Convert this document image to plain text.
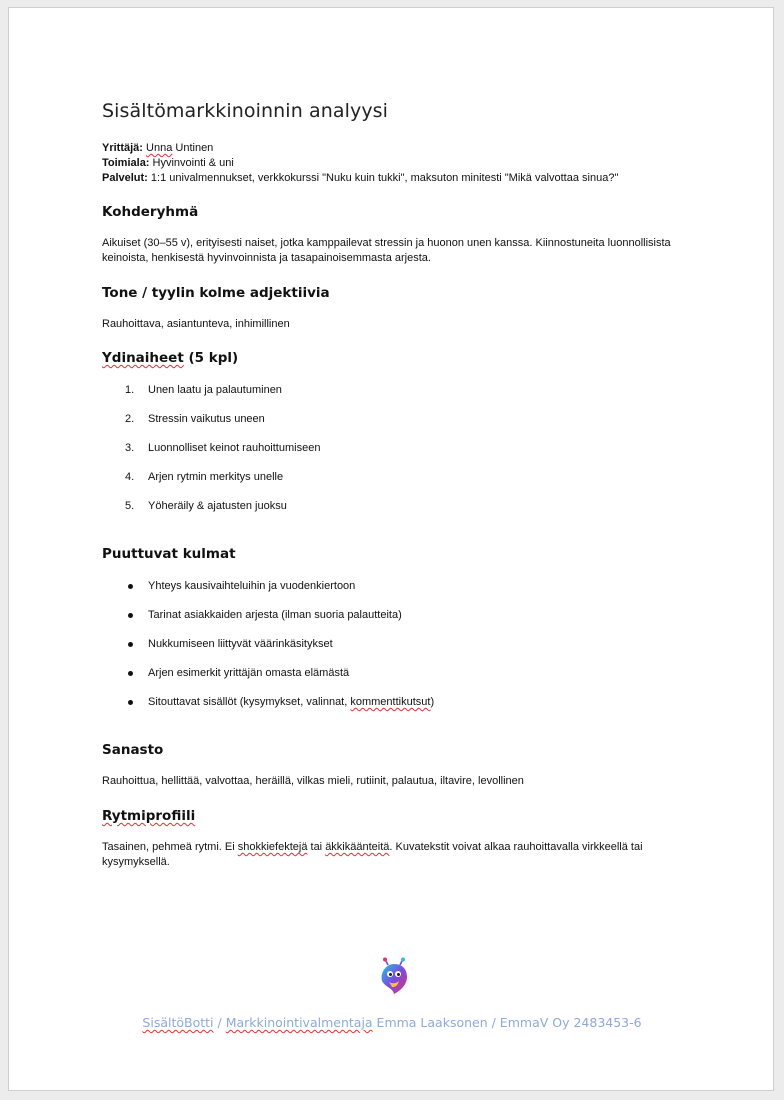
Sisältömarkkinoinnin analyysi
Yrittäjä: Unna Untinen
Toimiala: Hyvinvointi & uni
Palvelut: 1:1 univalmennukset, verkkokurssi "Nuku kuin tukki", maksuton minitesti "Mikä valvottaa sinua?"
Kohderyhmä

Aikuiset (30–55 v), erityisesti naiset, jotka kamppailevat stressin ja huonon unen kanssa. Kiinnostuneita luonnollisista keinoista, henkisestä hyvinvoinnista ja tasapainoisemmasta arjesta.

Tone / tyylin kolme adjektiivia

Rauhoittava, asiantunteva, inhimillinen

Ydinaiheet (5 kpl)
1.	Unen laatu ja palautuminen
2.	Stressin vaikutus uneen
3.	Luonnolliset keinot rauhoittumiseen
4.	Arjen rytmin merkitys unelle
5.	Yöheräily & ajatusten juoksu
Puuttuvat kulmat
Yhteys kausivaihteluihin ja vuodenkiertoon
Tarinat asiakkaiden arjesta (ilman suoria palautteita)
Nukkumiseen liittyvät väärinkäsitykset
Arjen esimerkit yrittäjän omasta elämästä
Sitouttavat sisällöt (kysymykset, valinnat, kommenttikutsut)
Sanasto

Rauhoittua, hellittää, valvottaa, heräillä, vilkas mieli, rutiinit, palautua, iltavire, levollinen

Rytmiprofiili

Tasainen, pehmeä rytmi. Ei shokkiefektejä tai äkkikäänteitä. Kuvatekstit voivat alkaa rauhoittavalla virkkeellä tai kysymyksellä.

SisältöBotti / Markkinointivalmentaja Emma Laaksonen / EmmaV Oy 2483453-6
